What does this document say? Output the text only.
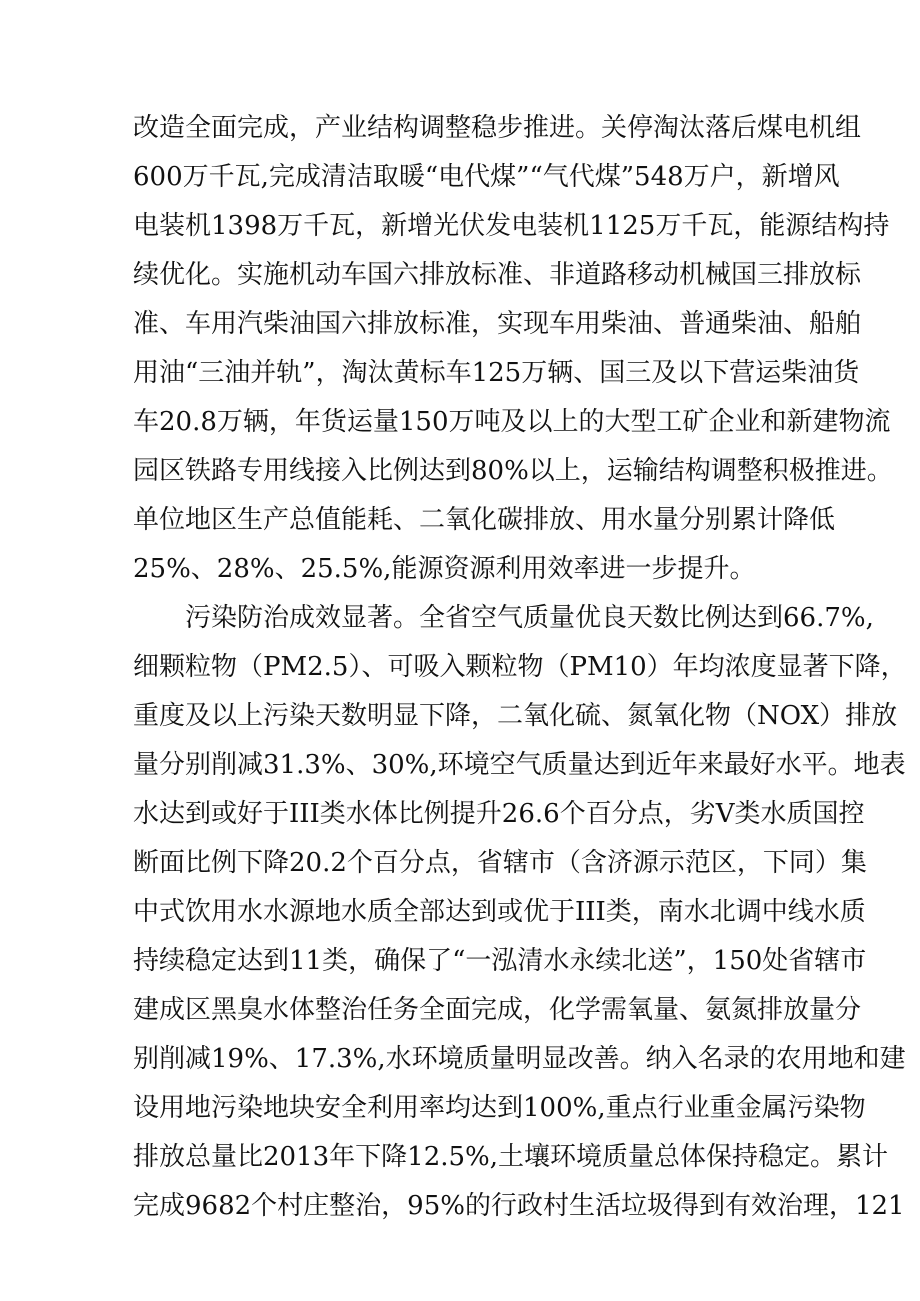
改造全面完成，产业结构调整稳步推进。关停淘汰落后煤电机组
600万千瓦,完成清洁取暖“电代煤”“气代煤”548万户，新增风
电装机1398万千瓦，新增光伏发电装机1125万千瓦，能源结构持
续优化。实施机动车国六排放标准、非道路移动机械国三排放标
准、车用汽柴油国六排放标准，实现车用柴油、普通柴油、船舶
用油“三油并轨”，淘汰黄标车125万辆、国三及以下营运柴油货
车20.8万辆，年货运量150万吨及以上的大型工矿企业和新建物流
园区铁路专用线接入比例达到80%以上，运输结构调整积极推进。
单位地区生产总值能耗、二氧化碳排放、用水量分别累计降低
25%、28%、25.5%,能源资源利用效率进一步提升。
污染防治成效显著。全省空气质量优良天数比例达到66.7%,
细颗粒物（PM2.5）、可吸入颗粒物（PM10）年均浓度显著下降，
重度及以上污染天数明显下降，二氧化硫、氮氧化物（NOX）排放
量分别削减31.3%、30%,环境空气质量达到近年来最好水平。地表
水达到或好于III类水体比例提升26.6个百分点，劣V类水质国控
断面比例下降20.2个百分点，省辖市（含济源示范区，下同）集
中式饮用水水源地水质全部达到或优于III类，南水北调中线水质
持续稳定达到11类，确保了“一泓清水永续北送”，150处省辖市
建成区黑臭水体整治任务全面完成，化学需氧量、氨氮排放量分
别削减19%、17.3%,水环境质量明显改善。纳入名录的农用地和建
设用地污染地块安全利用率均达到100%,重点行业重金属污染物
排放总量比2013年下降12.5%,土壤环境质量总体保持稳定。累计
完成9682个村庄整治，95%的行政村生活垃圾得到有效治理，121
